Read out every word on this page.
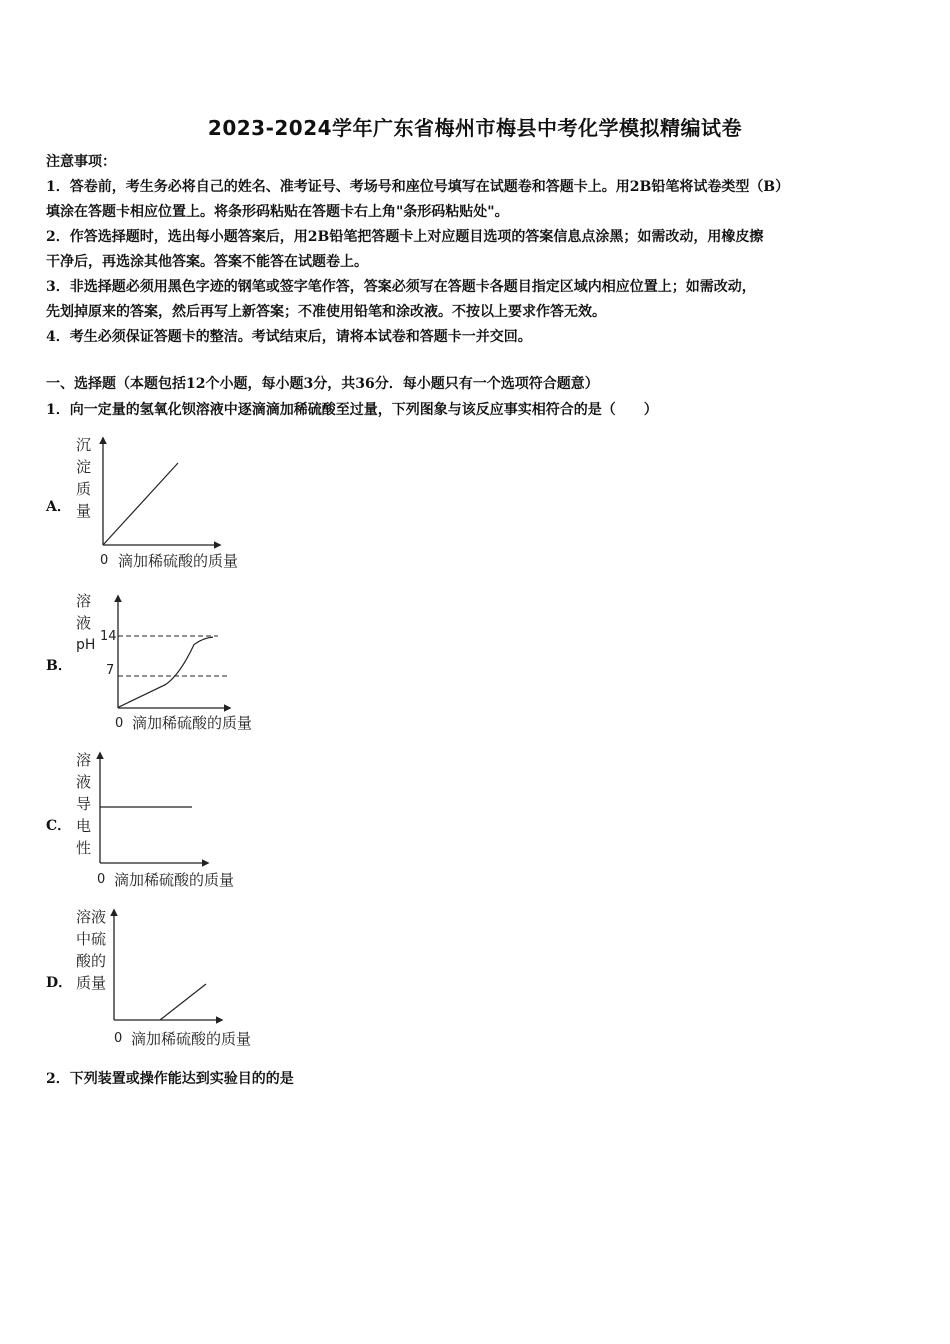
2023-2024学年广东省梅州市梅县中考化学模拟精编试卷

注意事项：

1．答卷前，考生务必将自己的姓名、准考证号、考场号和座位号填写在试题卷和答题卡上。用2B铅笔将试卷类型（B）

填涂在答题卡相应位置上。将条形码粘贴在答题卡右上角"条形码粘贴处"。

2．作答选择题时，选出每小题答案后，用2B铅笔把答题卡上对应题目选项的答案信息点涂黑；如需改动，用橡皮擦

干净后，再选涂其他答案。答案不能答在试题卷上。

3．非选择题必须用黑色字迹的钢笔或签字笔作答，答案必须写在答题卡各题目指定区域内相应位置上；如需改动，

先划掉原来的答案，然后再写上新答案；不准使用铅笔和涂改液。不按以上要求作答无效。

4．考生必须保证答题卡的整洁。考试结束后，请将本试卷和答题卡一并交回。

一、选择题（本题包括12个小题，每小题3分，共36分．每小题只有一个选项符合题意）
1．向一定量的氢氧化钡溶液中逐滴滴加稀硫酸至过量，下列图象与该反应事实相符合的是（　　）
A．
沉
淀
质
量
0 滴加稀硫酸的质量
B．
溶
液
pH
14
7
0 滴加稀硫酸的质量
C．
溶
液
导
电
性
0 滴加稀硫酸的质量
D．
溶液
中硫
酸的
质量
0 滴加稀硫酸的质量
2．下列装置或操作能达到实验目的的是
